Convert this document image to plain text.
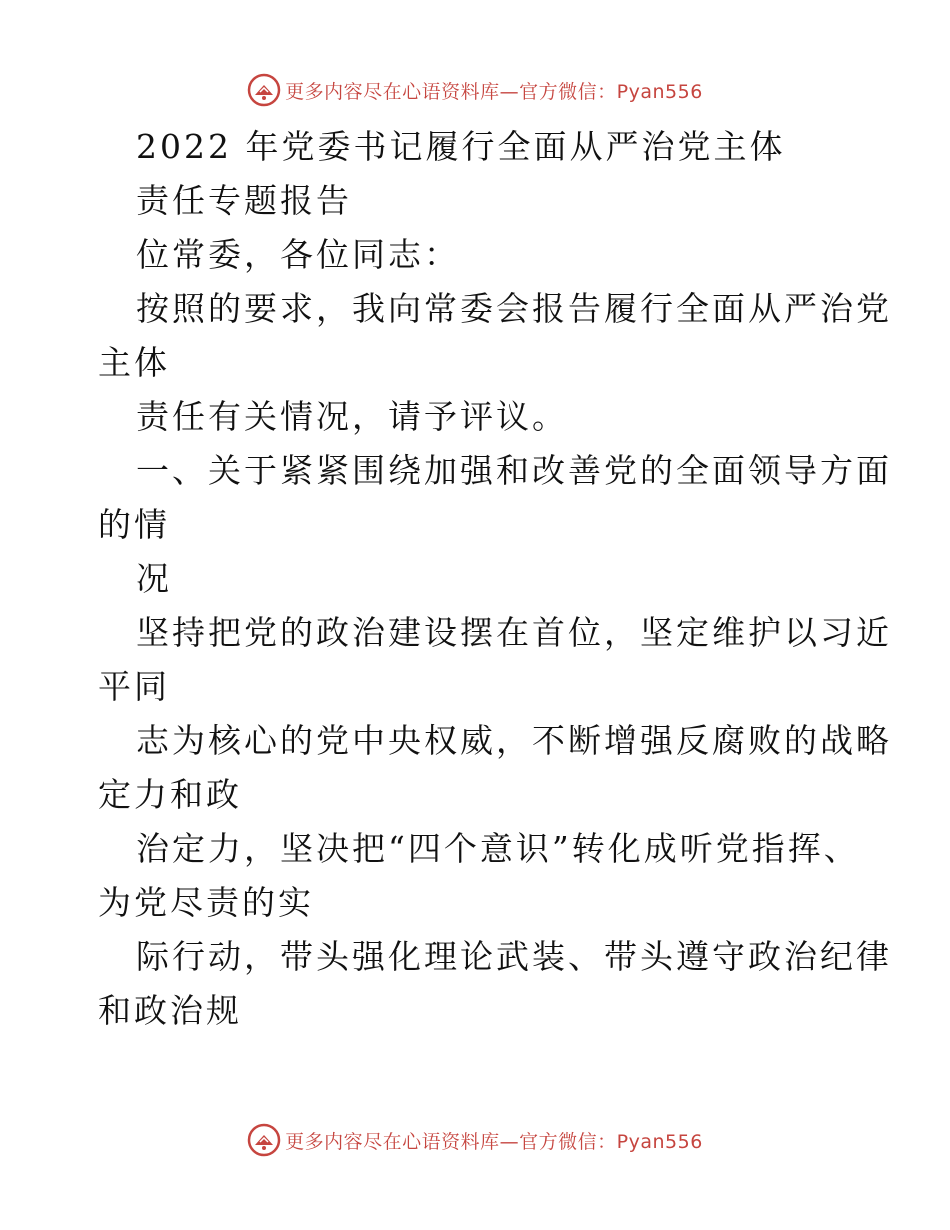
更多内容尽在心语资料库—官方微信：Pyan556
2022 年党委书记履行全面从严治党主体
责任专题报告
位常委，各位同志：
按照的要求，我向常委会报告履行全面从严治党
主体
责任有关情况，请予评议。
一、关于紧紧围绕加强和改善党的全面领导方面
的情
况
坚持把党的政治建设摆在首位，坚定维护以习近
平同
志为核心的党中央权威，不断增强反腐败的战略
定力和政
治定力，坚决把“四个意识”转化成听党指挥、
为党尽责的实
际行动，带头强化理论武装、带头遵守政治纪律
和政治规
更多内容尽在心语资料库—官方微信：Pyan556
